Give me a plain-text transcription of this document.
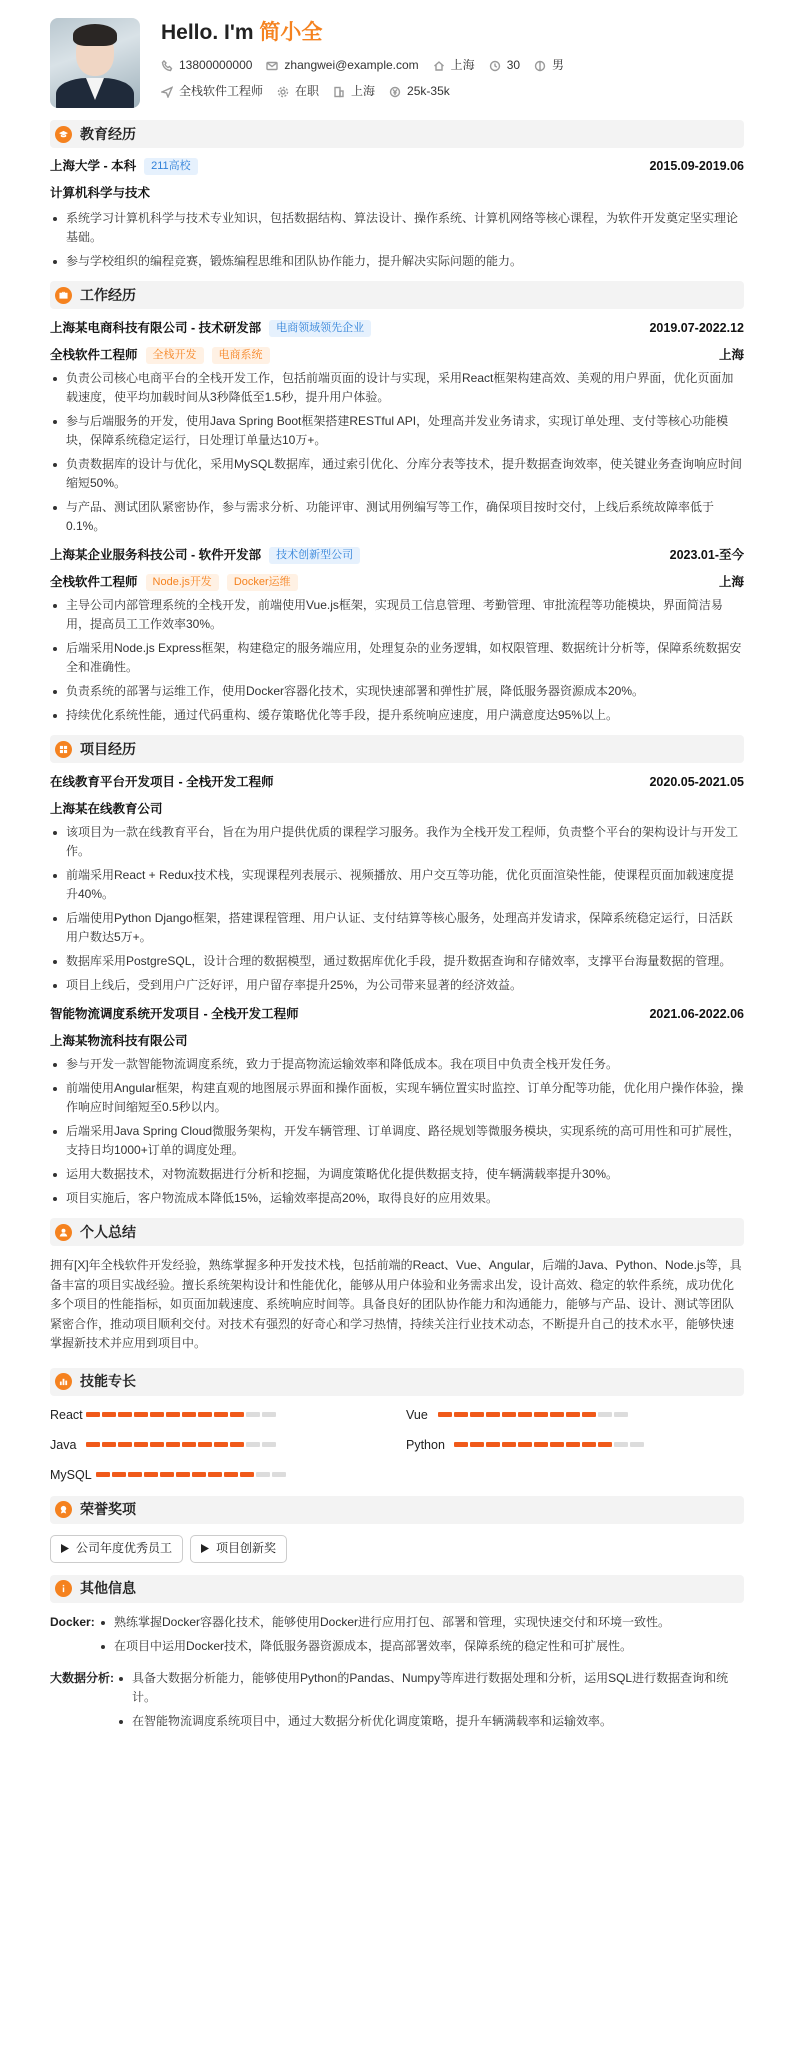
Hello. I'm 简小全
13800000000	zhangwei@example.com	上海	30	男
全栈软件工程师	在职	上海	25k-35k
教育经历
上海大学 - 本科	211高校	2015.09-2019.06
计算机科学与技术
系统学习计算机科学与技术专业知识，包括数据结构、算法设计、操作系统、计算机网络等核心课程，为软件开发奠定坚实理论基础。
参与学校组织的编程竞赛，锻炼编程思维和团队协作能力，提升解决实际问题的能力。
工作经历
上海某电商科技有限公司 - 技术研发部	电商领域领先企业	2019.07-2022.12
全栈软件工程师	全栈开发	电商系统	上海
负责公司核心电商平台的全栈开发工作，包括前端页面的设计与实现，采用React框架构建高效、美观的用户界面，优化页面加载速度，使平均加载时间从3秒降低至1.5秒，提升用户体验。
参与后端服务的开发，使用Java Spring Boot框架搭建RESTful API，处理高并发业务请求，实现订单处理、支付等核心功能模块，保障系统稳定运行，日处理订单量达10万+。
负责数据库的设计与优化，采用MySQL数据库，通过索引优化、分库分表等技术，提升数据查询效率，使关键业务查询响应时间缩短50%。
与产品、测试团队紧密协作，参与需求分析、功能评审、测试用例编写等工作，确保项目按时交付，上线后系统故障率低于0.1%。
上海某企业服务科技公司 - 软件开发部	技术创新型公司	2023.01-至今
全栈软件工程师	Node.js开发	Docker运维	上海
主导公司内部管理系统的全栈开发，前端使用Vue.js框架，实现员工信息管理、考勤管理、审批流程等功能模块，界面简洁易用，提高员工工作效率30%。
后端采用Node.js Express框架，构建稳定的服务端应用，处理复杂的业务逻辑，如权限管理、数据统计分析等，保障系统数据安全和准确性。
负责系统的部署与运维工作，使用Docker容器化技术，实现快速部署和弹性扩展，降低服务器资源成本20%。
持续优化系统性能，通过代码重构、缓存策略优化等手段，提升系统响应速度，用户满意度达95%以上。
项目经历
在线教育平台开发项目 - 全栈开发工程师	2020.05-2021.05
上海某在线教育公司
该项目为一款在线教育平台，旨在为用户提供优质的课程学习服务。我作为全栈开发工程师，负责整个平台的架构设计与开发工作。
前端采用React + Redux技术栈，实现课程列表展示、视频播放、用户交互等功能，优化页面渲染性能，使课程页面加载速度提升40%。
后端使用Python Django框架，搭建课程管理、用户认证、支付结算等核心服务，处理高并发请求，保障系统稳定运行，日活跃用户数达5万+。
数据库采用PostgreSQL，设计合理的数据模型，通过数据库优化手段，提升数据查询和存储效率，支撑平台海量数据的管理。
项目上线后，受到用户广泛好评，用户留存率提升25%，为公司带来显著的经济效益。
智能物流调度系统开发项目 - 全栈开发工程师	2021.06-2022.06
上海某物流科技有限公司
参与开发一款智能物流调度系统，致力于提高物流运输效率和降低成本。我在项目中负责全栈开发任务。
前端使用Angular框架，构建直观的地图展示界面和操作面板，实现车辆位置实时监控、订单分配等功能，优化用户操作体验，操作响应时间缩短至0.5秒以内。
后端采用Java Spring Cloud微服务架构，开发车辆管理、订单调度、路径规划等微服务模块，实现系统的高可用性和可扩展性，支持日均1000+订单的调度处理。
运用大数据技术，对物流数据进行分析和挖掘，为调度策略优化提供数据支持，使车辆满载率提升30%。
项目实施后，客户物流成本降低15%，运输效率提高20%，取得良好的应用效果。
个人总结
拥有[X]年全栈软件开发经验，熟练掌握多种开发技术栈，包括前端的React、Vue、Angular，后端的Java、Python、Node.js等，具备丰富的项目实战经验。擅长系统架构设计和性能优化，能够从用户体验和业务需求出发，设计高效、稳定的软件系统，成功优化多个项目的性能指标，如页面加载速度、系统响应时间等。具备良好的团队协作能力和沟通能力，能够与产品、设计、测试等团队紧密合作，推动项目顺利交付。对技术有强烈的好奇心和学习热情，持续关注行业技术动态，不断提升自己的技术水平，能够快速掌握新技术并应用到项目中。
技能专长
React	Vue
Java	Python
MySQL
荣誉奖项
公司年度优秀员工	项目创新奖
其他信息
Docker:	熟练掌握Docker容器化技术，能够使用Docker进行应用打包、部署和管理，实现快速交付和环境一致性。
在项目中运用Docker技术，降低服务器资源成本，提高部署效率，保障系统的稳定性和可扩展性。
大数据分析:	具备大数据分析能力，能够使用Python的Pandas、Numpy等库进行数据处理和分析，运用SQL进行数据查询和统计。
在智能物流调度系统项目中，通过大数据分析优化调度策略，提升车辆满载率和运输效率。
